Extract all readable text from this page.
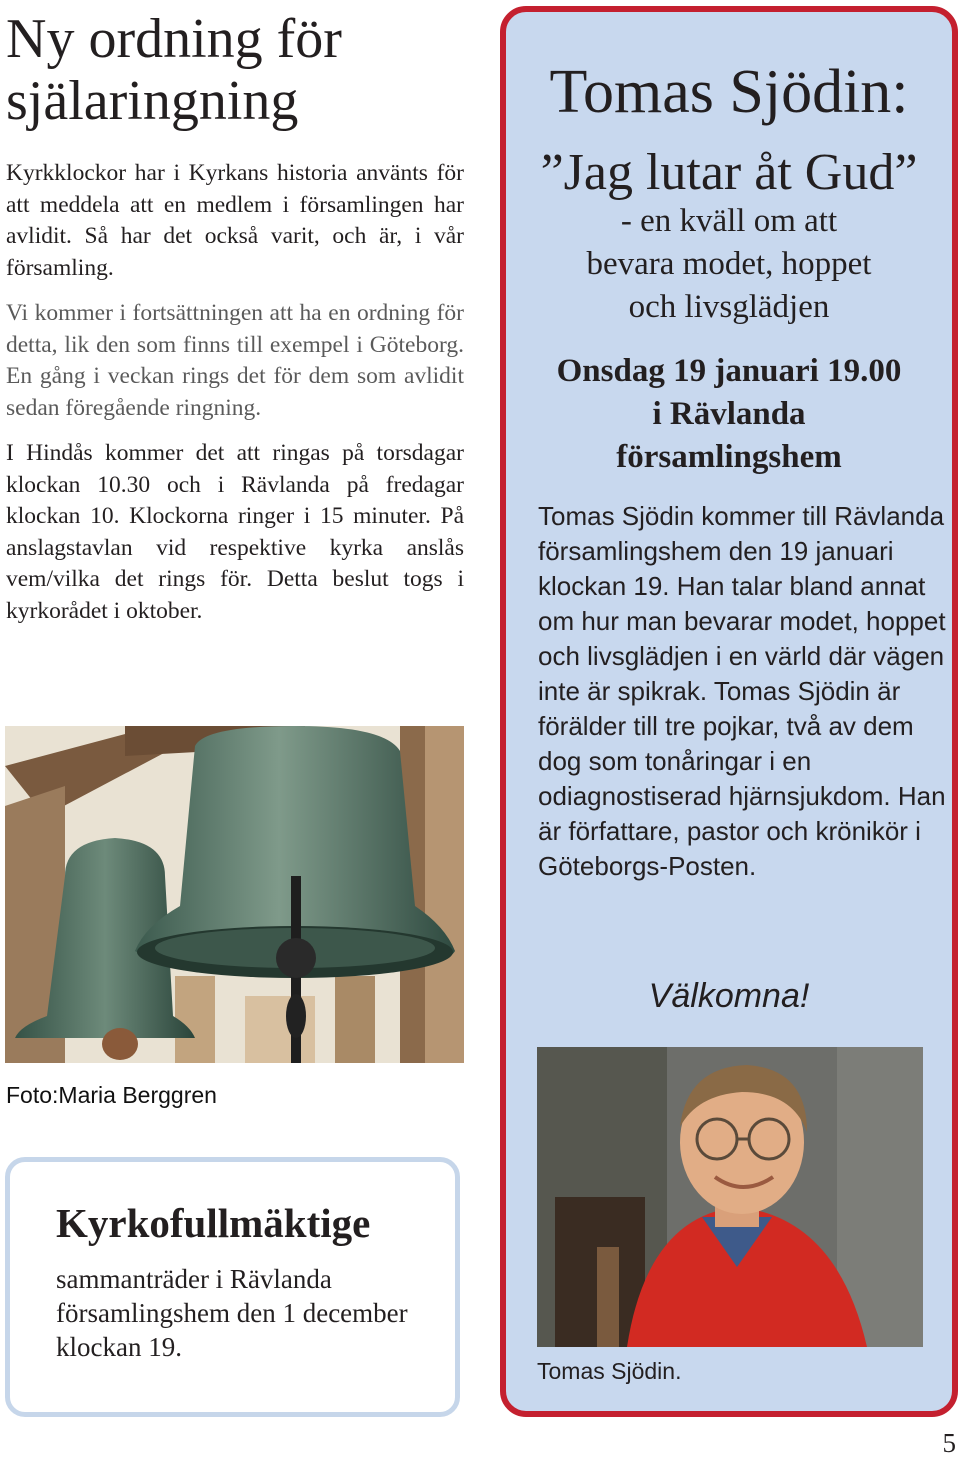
Ny ordning för
själaringning

Kyrkklockor har i Kyrkans historia använts för att meddela att en medlem i församlingen har avlidit. Så har det också varit, och är, i vår församling.

Vi kommer i fortsättningen att ha en ordning för detta, lik den som finns till exempel i Göteborg. En gång i veckan rings det för dem som avlidit sedan föregående ringning.

I Hindås kommer det att ringas på torsdagar klockan 10.30 och i Rävlanda på fredagar klockan 10. Klockorna ringer i 15 minuter. På anslagstavlan vid respektive kyrka anslås vem/vilka det rings för. Detta beslut togs i kyrkorådet i oktober.

Foto:Maria Berggren
Kyrkofullmäktige
sammanträder i Rävlanda församlingshem den 1 december klockan 19.
Tomas Sjödin:
”Jag lutar åt Gud”
- en kväll om att
bevara modet, hoppet
och livsglädjen
Onsdag 19 januari 19.00
i Rävlanda
församlingshem
Tomas Sjödin kommer till Rävlanda församlingshem den 19 januari klockan 19. Han talar bland annat om hur man bevarar modet, hoppet och livsglädjen i en värld där vägen inte är spikrak. Tomas Sjödin är förälder till tre pojkar, två av dem dog som tonåringar i en odiagnostiserad hjärnsjukdom. Han är författare, pastor och krönikör i Göteborgs-Posten.
Välkomna!
Tomas Sjödin.
5
